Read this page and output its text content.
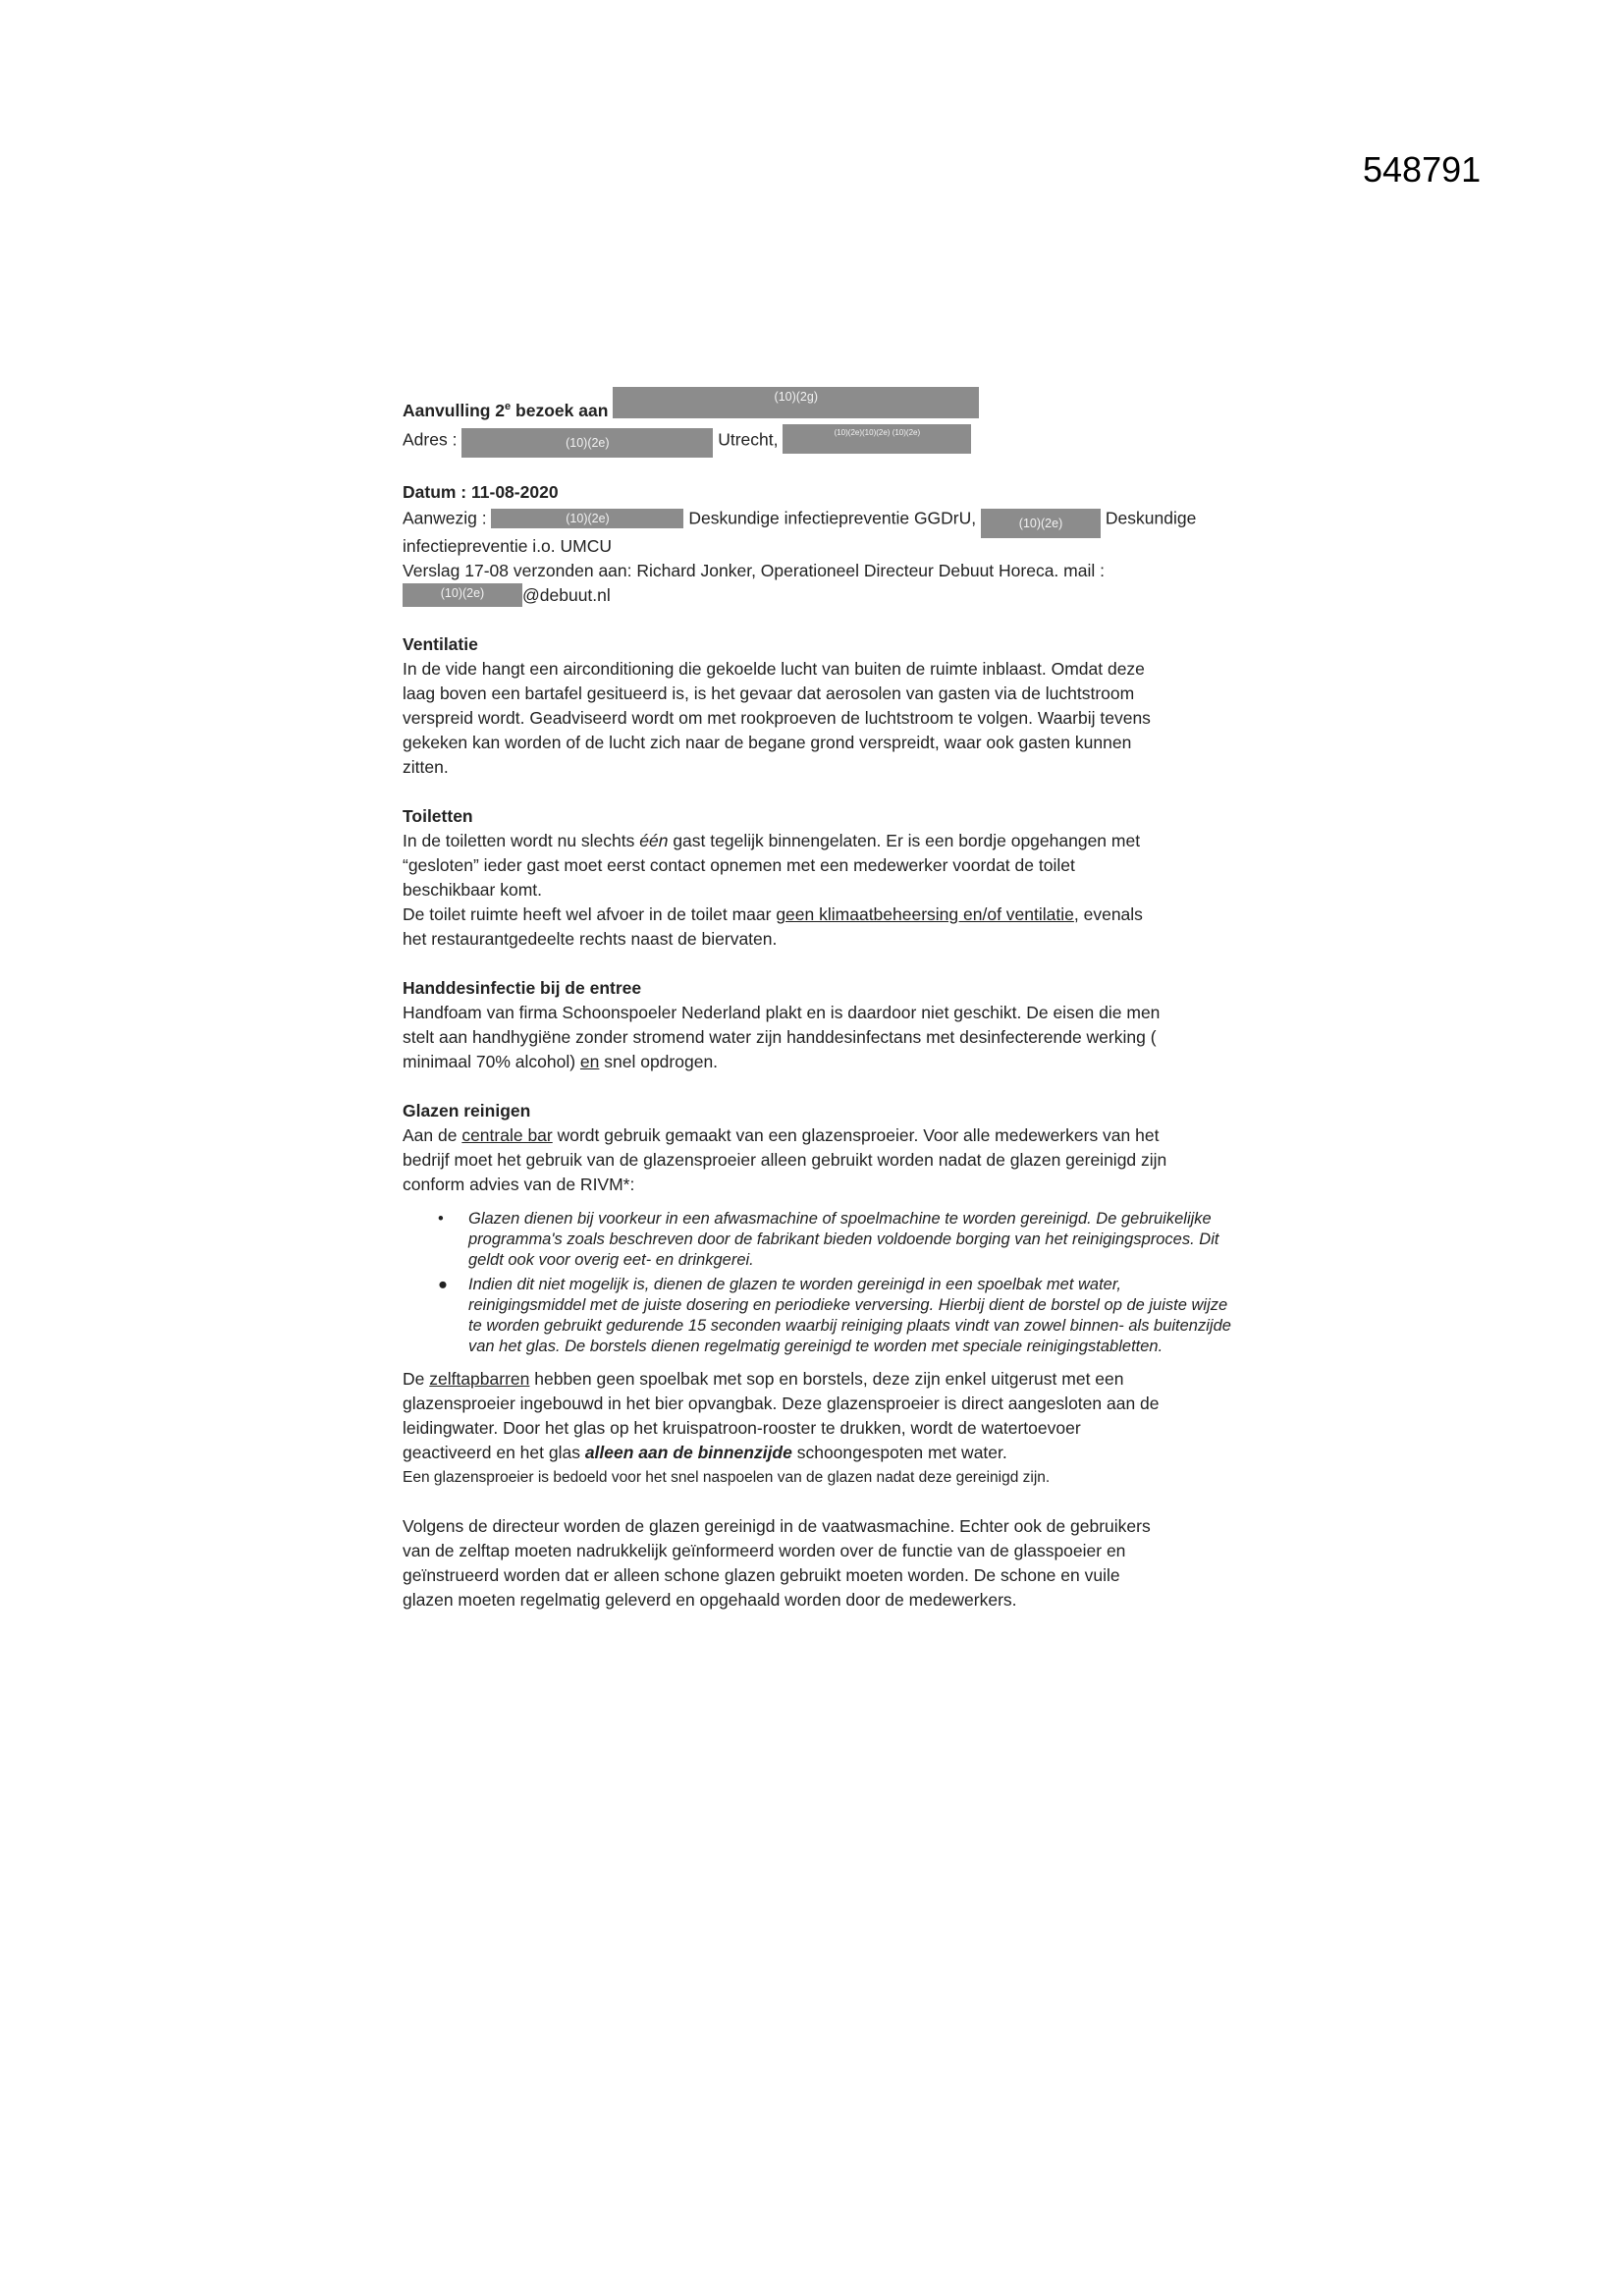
548791
Aanvulling 2e bezoek aan (10)(2g)
Adres :	(10)(2e)	Utrecht,	(10)(2e)(10)(2e) (10)(2e)
Datum : 11-08-2020
Aanwezig :	(10)(2e)	Deskundige infectiepreventie GGDrU,	(10)(2e) Deskundige
infectiepreventie i.o. UMCU
Verslag 17-08 verzonden aan: Richard Jonker, Operationeel Directeur Debuut Horeca. mail :
(10)(2e) @debuut.nl
Ventilatie
In de vide hangt een airconditioning die gekoelde lucht van buiten de ruimte inblaast. Omdat deze
laag boven een bartafel gesitueerd is, is het gevaar dat aerosolen van gasten via de luchtstroom
verspreid wordt. Geadviseerd wordt om met rookproeven de luchtstroom te volgen. Waarbij tevens
gekeken kan worden of de lucht zich naar de begane grond verspreidt, waar ook gasten kunnen
zitten.
Toiletten
In de toiletten wordt nu slechts één gast tegelijk binnengelaten. Er is een bordje opgehangen met
“gesloten” ieder gast moet eerst contact opnemen met een medewerker voordat de toilet
beschikbaar komt.
De toilet ruimte heeft wel afvoer in de toilet maar geen klimaatbeheersing en/of ventilatie, evenals
het restaurantgedeelte rechts naast de biervaten.
Handdesinfectie bij de entree
Handfoam van firma Schoonspoeler Nederland plakt en is daardoor niet geschikt. De eisen die men
stelt aan handhygiëne zonder stromend water zijn handdesinfectans met desinfecterende werking (
minimaal 70% alcohol) en snel opdrogen.
Glazen reinigen
Aan de centrale bar wordt gebruik gemaakt van een glazensproeier. Voor alle medewerkers van het
bedrijf moet het gebruik van de glazensproeier alleen gebruikt worden nadat de glazen gereinigd zijn
conform advies van de RIVM*:
• Glazen dienen bij voorkeur in een afwasmachine of spoelmachine te worden gereinigd. De gebruikelijke programma's zoals beschreven door de fabrikant bieden voldoende borging van het reinigingsproces. Dit geldt ook voor overig eet- en drinkgerei.
● Indien dit niet mogelijk is, dienen de glazen te worden gereinigd in een spoelbak met water, reinigingsmiddel met de juiste dosering en periodieke verversing. Hierbij dient de borstel op de juiste wijze te worden gebruikt gedurende 15 seconden waarbij reiniging plaats vindt van zowel binnen- als buitenzijde van het glas. De borstels dienen regelmatig gereinigd te worden met speciale reinigingstabletten.
De zelftapbarren hebben geen spoelbak met sop en borstels, deze zijn enkel uitgerust met een
glazensproeier ingebouwd in het bier opvangbak. Deze glazensproeier is direct aangesloten aan de
leidingwater. Door het glas op het kruispatroon-rooster te drukken, wordt de watertoevoer
geactiveerd en het glas alleen aan de binnenzijde schoongespoten met water.
Een glazensproeier is bedoeld voor het snel naspoelen van de glazen nadat deze gereinigd zijn.
Volgens de directeur worden de glazen gereinigd in de vaatwasmachine. Echter ook de gebruikers
van de zelftap moeten nadrukkelijk geïnformeerd worden over de functie van de glasspoeier en
geïnstrueerd worden dat er alleen schone glazen gebruikt moeten worden. De schone en vuile
glazen moeten regelmatig geleverd en opgehaald worden door de medewerkers.
